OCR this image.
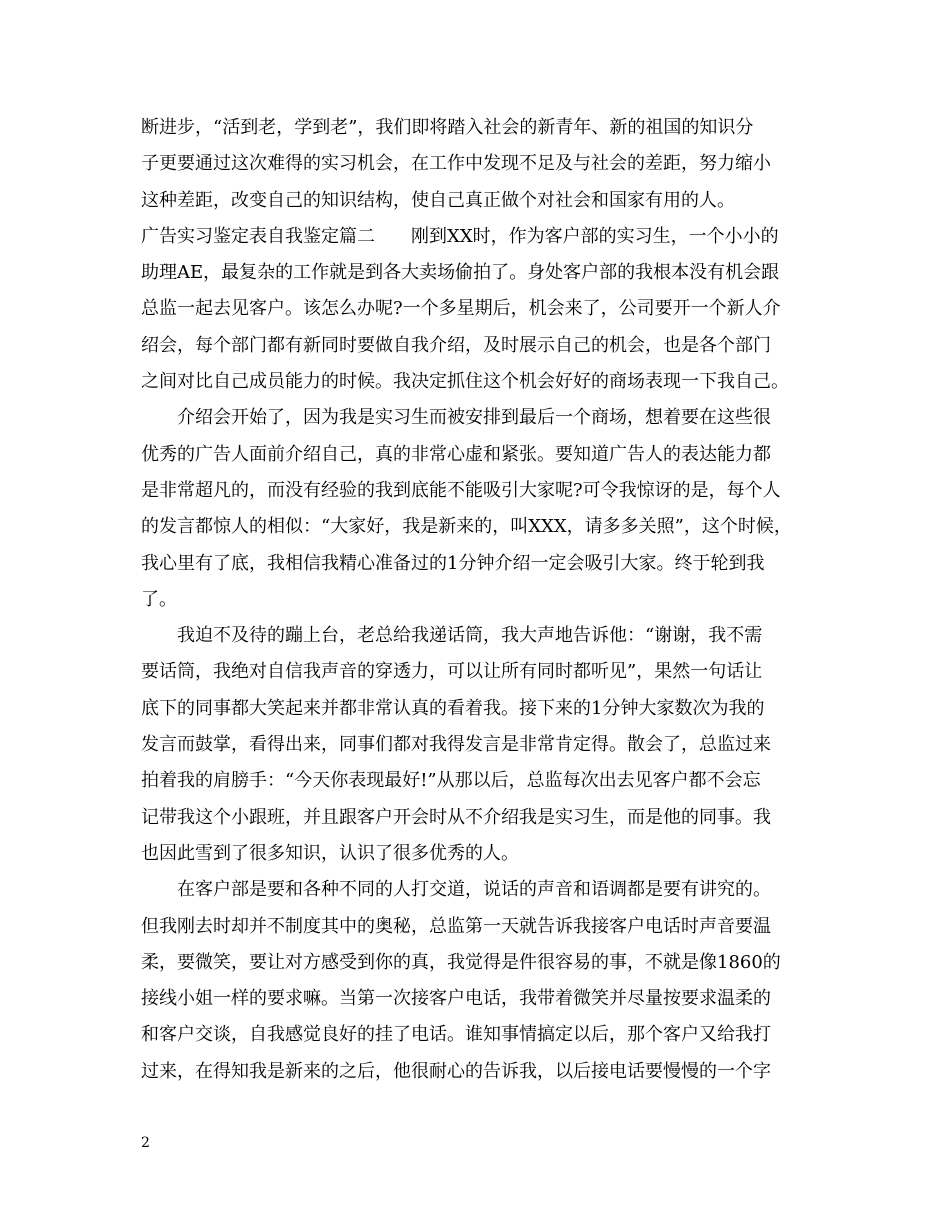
断进步，“活到老，学到老”，我们即将踏入社会的新青年、新的祖国的知识分
子更要通过这次难得的实习机会，在工作中发现不足及与社会的差距，努力缩小
这种差距，改变自己的知识结构，使自己真正做个对社会和国家有用的人。
广告实习鉴定表自我鉴定篇二　　刚到XX时，作为客户部的实习生，一个小小的
助理AE，最复杂的工作就是到各大卖场偷拍了。身处客户部的我根本没有机会跟
总监一起去见客户。该怎么办呢?一个多星期后，机会来了，公司要开一个新人介
绍会，每个部门都有新同时要做自我介绍，及时展示自己的机会，也是各个部门
之间对比自己成员能力的时候。我决定抓住这个机会好好的商场表现一下我自己。
介绍会开始了，因为我是实习生而被安排到最后一个商场，想着要在这些很
优秀的广告人面前介绍自己，真的非常心虚和紧张。要知道广告人的表达能力都
是非常超凡的，而没有经验的我到底能不能吸引大家呢?可令我惊讶的是，每个人
的发言都惊人的相似：“大家好，我是新来的，叫XXX，请多多关照”，这个时候，
我心里有了底，我相信我精心准备过的1分钟介绍一定会吸引大家。终于轮到我
了。
我迫不及待的蹦上台，老总给我递话筒，我大声地告诉他：“谢谢，我不需
要话筒，我绝对自信我声音的穿透力，可以让所有同时都听见”，果然一句话让
底下的同事都大笑起来并都非常认真的看着我。接下来的1分钟大家数次为我的
发言而鼓掌，看得出来，同事们都对我得发言是非常肯定得。散会了，总监过来
拍着我的肩膀手：“今天你表现最好!”从那以后，总监每次出去见客户都不会忘
记带我这个小跟班，并且跟客户开会时从不介绍我是实习生，而是他的同事。我
也因此雪到了很多知识，认识了很多优秀的人。
在客户部是要和各种不同的人打交道，说话的声音和语调都是要有讲究的。
但我刚去时却并不制度其中的奥秘，总监第一天就告诉我接客户电话时声音要温
柔，要微笑，要让对方感受到你的真，我觉得是件很容易的事，不就是像1860的
接线小姐一样的要求嘛。当第一次接客户电话，我带着微笑并尽量按要求温柔的
和客户交谈，自我感觉良好的挂了电话。谁知事情搞定以后，那个客户又给我打
过来，在得知我是新来的之后，他很耐心的告诉我，以后接电话要慢慢的一个字
2
